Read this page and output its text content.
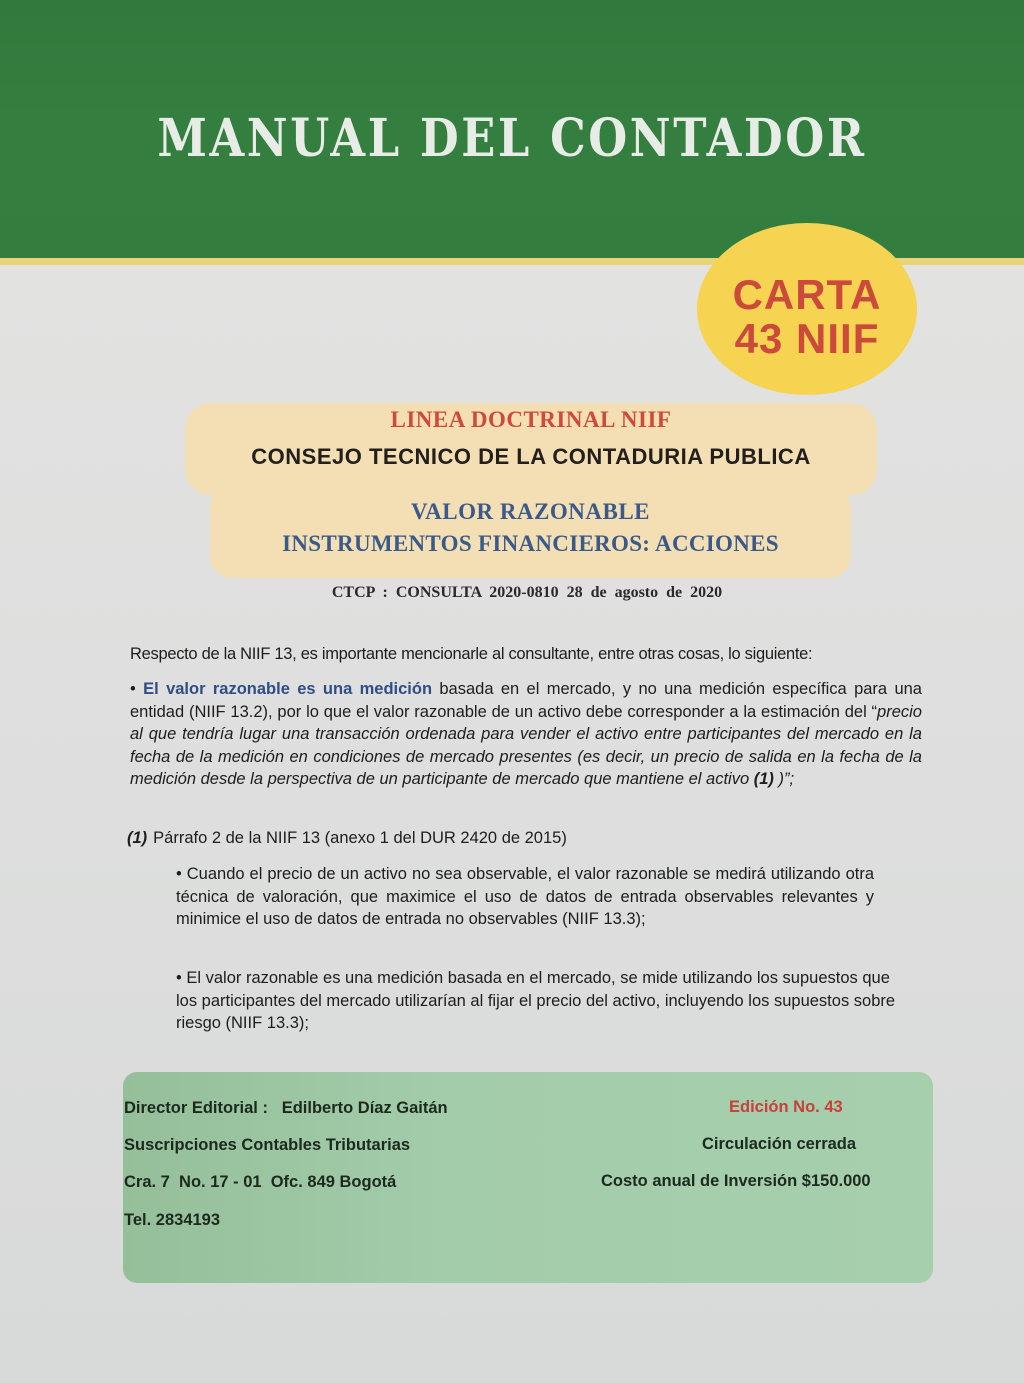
MANUAL DEL CONTADOR
CARTA
43 NIIF
LINEA DOCTRINAL NIIF
CONSEJO TECNICO DE LA CONTADURIA PUBLICA
VALOR RAZONABLE
INSTRUMENTOS FINANCIEROS: ACCIONES
CTCP : CONSULTA 2020-0810 28 de agosto de 2020
Respecto de la NIIF 13, es importante mencionarle al consultante, entre otras cosas, lo siguiente:
• El valor razonable es una medición basada en el mercado, y no una medición específica para una entidad (NIIF 13.2), por lo que el valor razonable de un activo debe corresponder a la estimación del “precio al que tendría lugar una transacción ordenada para vender el activo entre participantes del mercado en la fecha de la medición en condiciones de mercado presentes (es decir, un precio de salida en la fecha de la medición desde la perspectiva de un participante de mercado que mantiene el activo (1) )”;
(1) Párrafo 2 de la NIIF 13 (anexo 1 del DUR 2420 de 2015)
• Cuando el precio de un activo no sea observable, el valor razonable se medirá utilizando otra técnica de valoración, que maximice el uso de datos de entrada observables relevantes y minimice el uso de datos de entrada no observables (NIIF 13.3);
• El valor razonable es una medición basada en el mercado, se mide utilizando los supuestos que los participantes del mercado utilizarían al fijar el precio del activo, incluyendo los supuestos sobre riesgo (NIIF 13.3);
Director Editorial :   Edilberto Díaz Gaitán
Suscripciones Contables Tributarias
Cra. 7  No. 17 - 01  Ofc. 849 Bogotá
Tel. 2834193
Edición No. 43
Circulación cerrada
Costo anual de Inversión $150.000
